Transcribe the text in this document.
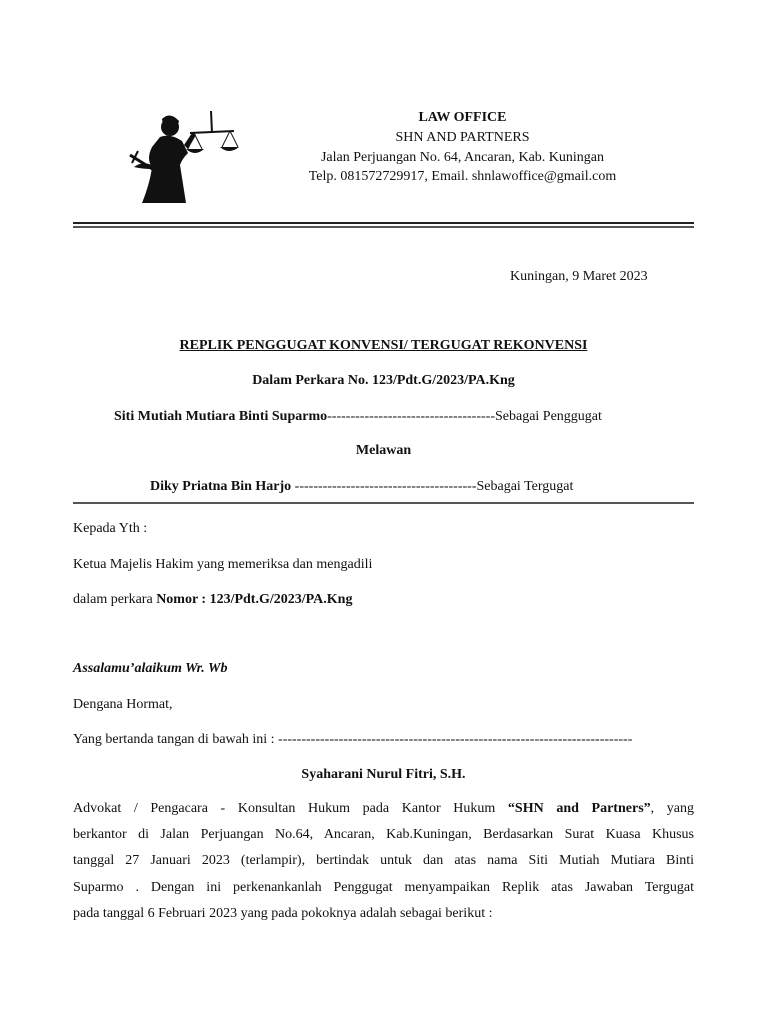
LAW OFFICE

SHN AND PARTNERS

Jalan Perjuangan No. 64, Ancaran, Kab. Kuningan

Telp. 081572729917, Email. shnlawoffice@gmail.com

Kuningan, 9 Maret 2023

REPLIK PENGGUGAT KONVENSI/ TERGUGAT REKONVENSI

Dalam Perkara No. 123/Pdt.G/2023/PA.Kng

Siti Mutiah Mutiara Binti Suparmo------------------------------------Sebagai Penggugat

Melawan

Diky Priatna Bin Harjo ---------------------------------------Sebagai Tergugat

Kepada Yth :

Ketua Majelis Hakim yang memeriksa dan mengadili

dalam perkara Nomor : 123/Pdt.G/2023/PA.Kng

Assalamu’alaikum Wr. Wb

Dengana Hormat,

Yang bertanda tangan di bawah ini : ----------------------------------------------------------------------------

Syaharani Nurul Fitri, S.H.

Advokat / Pengacara - Konsultan Hukum pada Kantor Hukum “SHN and Partners”, yang
berkantor di Jalan Perjuangan No.64, Ancaran, Kab.Kuningan, Berdasarkan Surat Kuasa Khusus
tanggal 27 Januari 2023 (terlampir), bertindak untuk dan atas nama Siti Mutiah Mutiara Binti
Suparmo . Dengan ini perkenankanlah Penggugat menyampaikan Replik atas Jawaban Tergugat
pada tanggal 6 Februari 2023 yang pada pokoknya adalah sebagai berikut :
